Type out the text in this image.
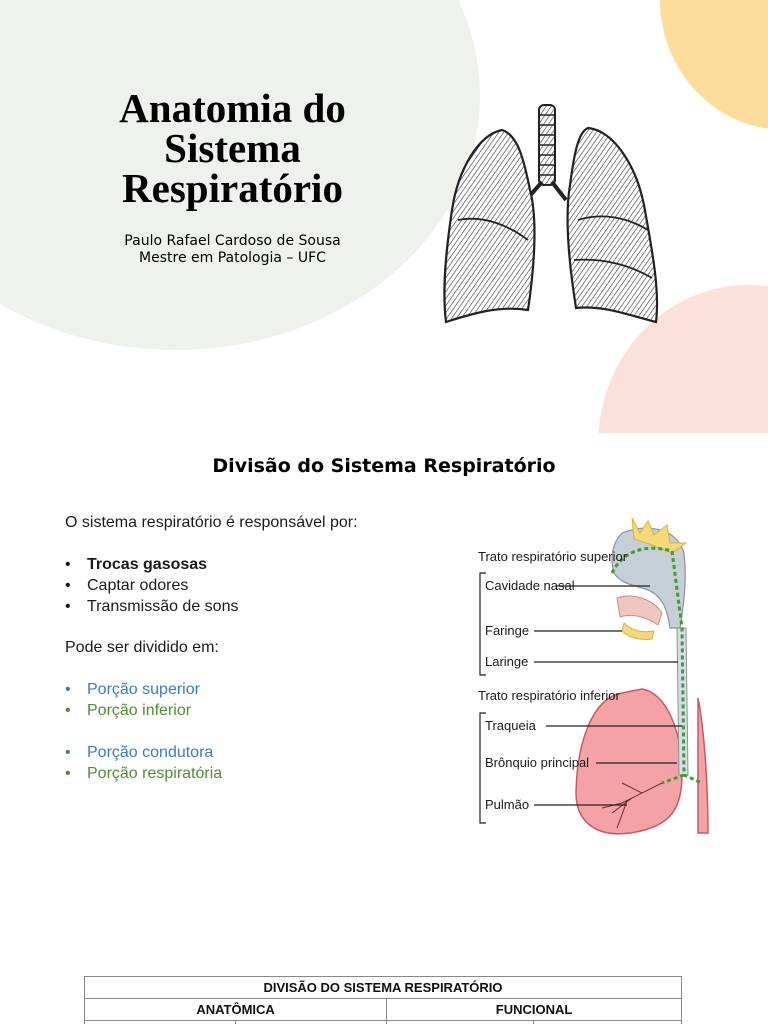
Anatomia do
Sistema
Respiratório
Paulo Rafael Cardoso de Sousa
Mestre em Patologia – UFC
Divisão do Sistema Respiratório

O sistema respiratório é responsável por:

• Trocas gasosas
• Captar odores
• Transmissão de sons

Pode ser dividido em:

• Porção superior
• Porção inferior
• Porção condutora
• Porção respiratória
Trato respiratório superior
Cavidade nasal
Faringe
Laringe
Trato respiratório inferior
Traqueia
Brônquio principal
Pulmão
DIVISÃO DO SISTEMA RESPIRATÓRIO			
ANATÔMICA		FUNCIONAL	
